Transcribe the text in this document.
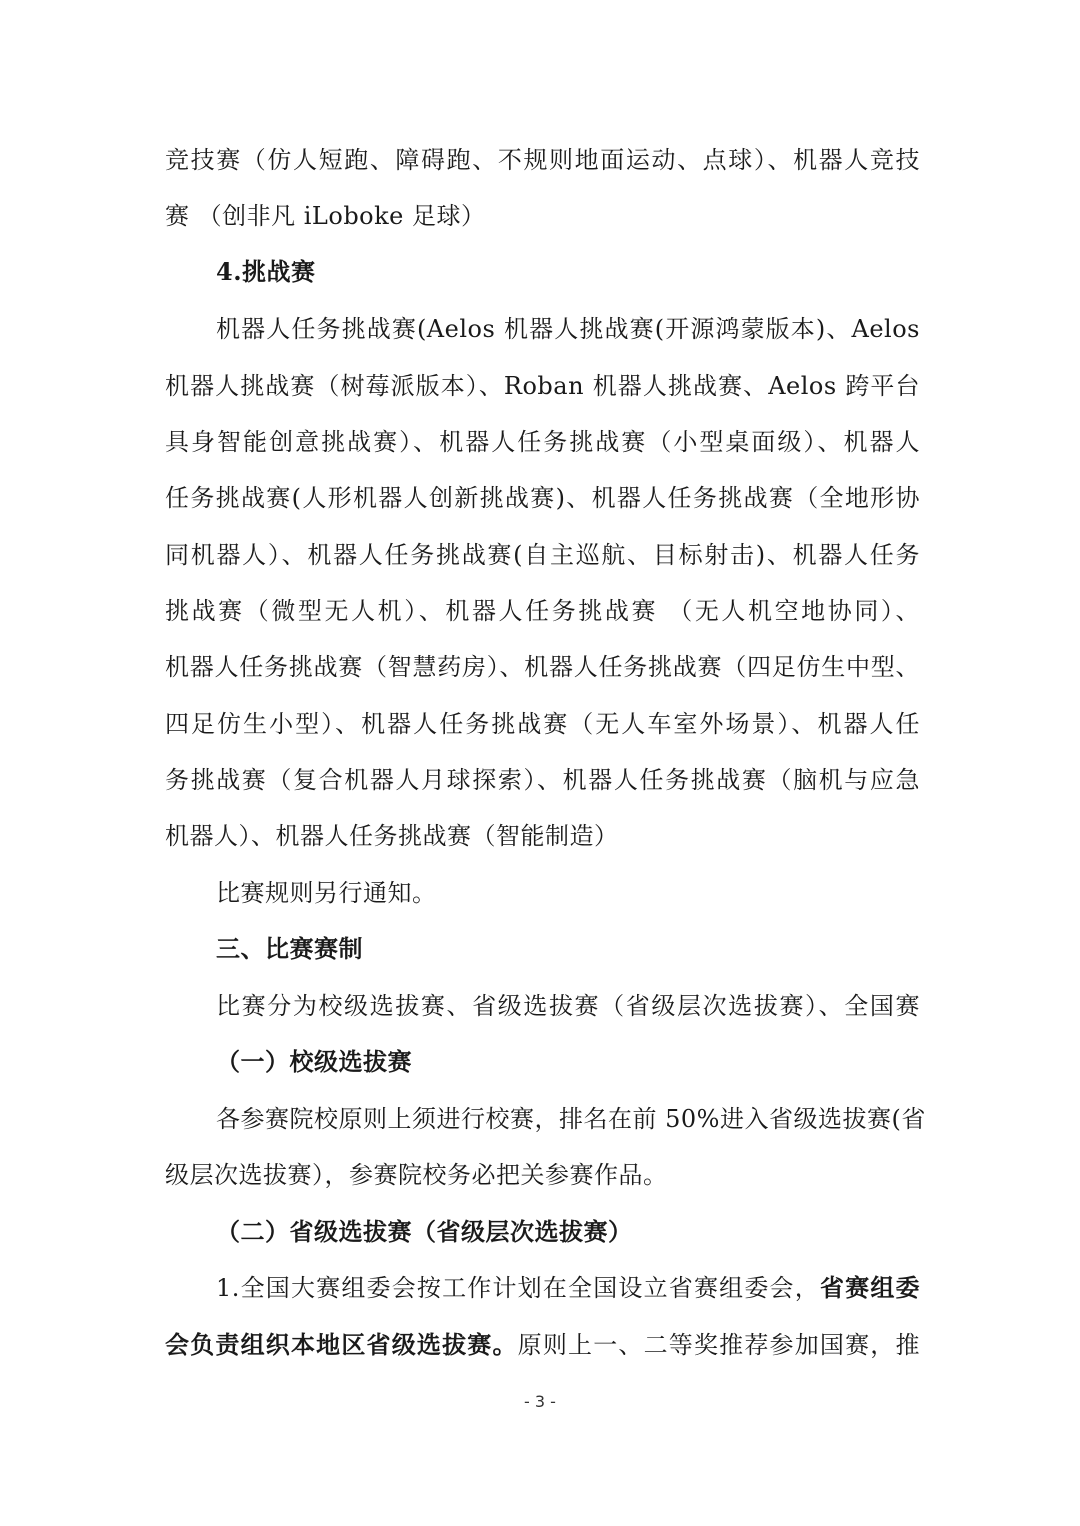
竞技赛（仿人短跑、障碍跑、不规则地面运动、点球）、机器人竞技
赛 （创非凡 iLoboke 足球）
4.挑战赛
机器人任务挑战赛(Aelos 机器人挑战赛(开源鸿蒙版本)、Aelos
机器人挑战赛（树莓派版本）、Roban 机器人挑战赛、Aelos 跨平台
具身智能创意挑战赛）、机器人任务挑战赛（小型桌面级）、机器人
任务挑战赛(人形机器人创新挑战赛)、机器人任务挑战赛（全地形协
同机器人）、机器人任务挑战赛(自主巡航、目标射击)、机器人任务
挑战赛（微型无人机）、机器人任务挑战赛 （无人机空地协同）、
机器人任务挑战赛（智慧药房）、机器人任务挑战赛（四足仿生中型、
四足仿生小型）、机器人任务挑战赛（无人车室外场景）、机器人任
务挑战赛（复合机器人月球探索）、机器人任务挑战赛（脑机与应急
机器人）、机器人任务挑战赛（智能制造）
比赛规则另行通知。
三、比赛赛制
比赛分为校级选拔赛、省级选拔赛（省级层次选拔赛）、全国赛
（一）校级选拔赛
各参赛院校原则上须进行校赛，排名在前 50%进入省级选拔赛(省
级层次选拔赛），参赛院校务必把关参赛作品。
（二）省级选拔赛（省级层次选拔赛）
1.全国大赛组委会按工作计划在全国设立省赛组委会，省赛组委
会负责组织本地区省级选拔赛。原则上一、二等奖推荐参加国赛，推
- 3 -
